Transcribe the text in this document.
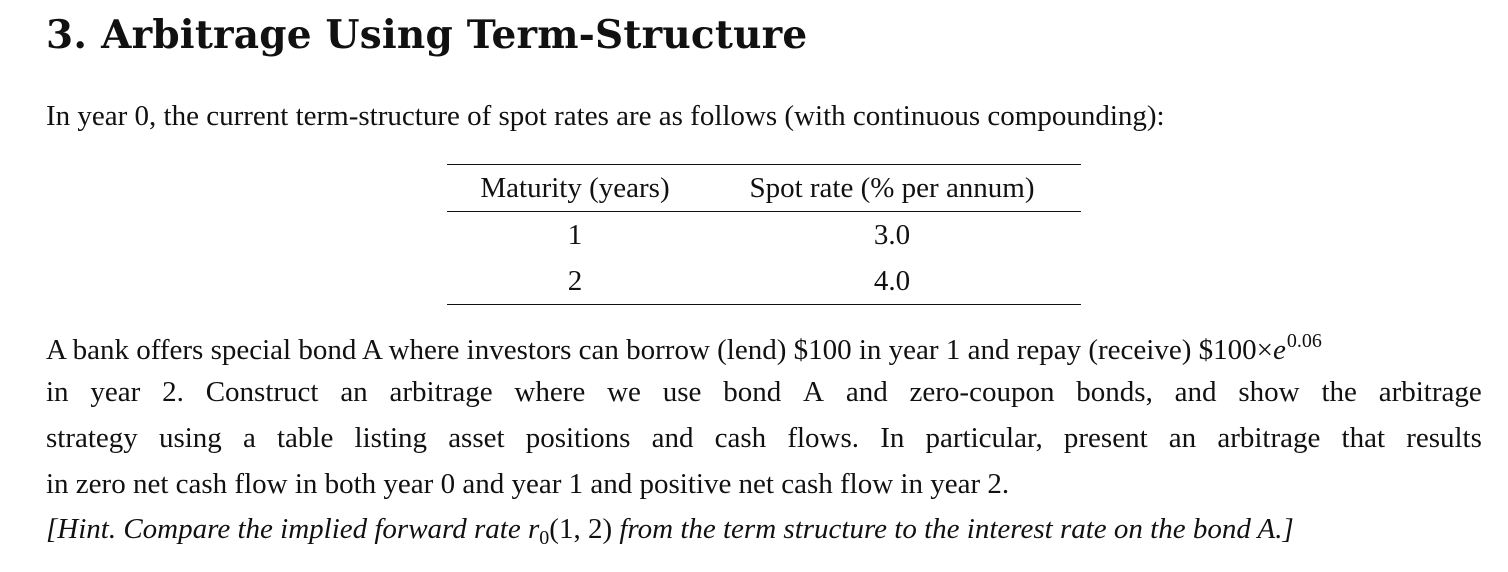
3. Arbitrage Using Term-Structure
In year 0, the current term-structure of spot rates are as follows (with continuous compounding):
Maturity (years)	Spot rate (% per annum)
1	3.0
2	4.0
A bank offers special bond A where investors can borrow (lend) $100 in year 1 and repay (receive) $\$100\times e^{0.06}$
in year 2. Construct an arbitrage where we use bond A and zero-coupon bonds, and show the arbitrage
strategy using a table listing asset positions and cash flows. In particular, present an arbitrage that results
in zero net cash flow in both year 0 and year 1 and positive net cash flow in year 2.
[Hint. Compare the implied forward rate $r_0(1$, 2) from the term structure to the interest rate on the bond A.]
